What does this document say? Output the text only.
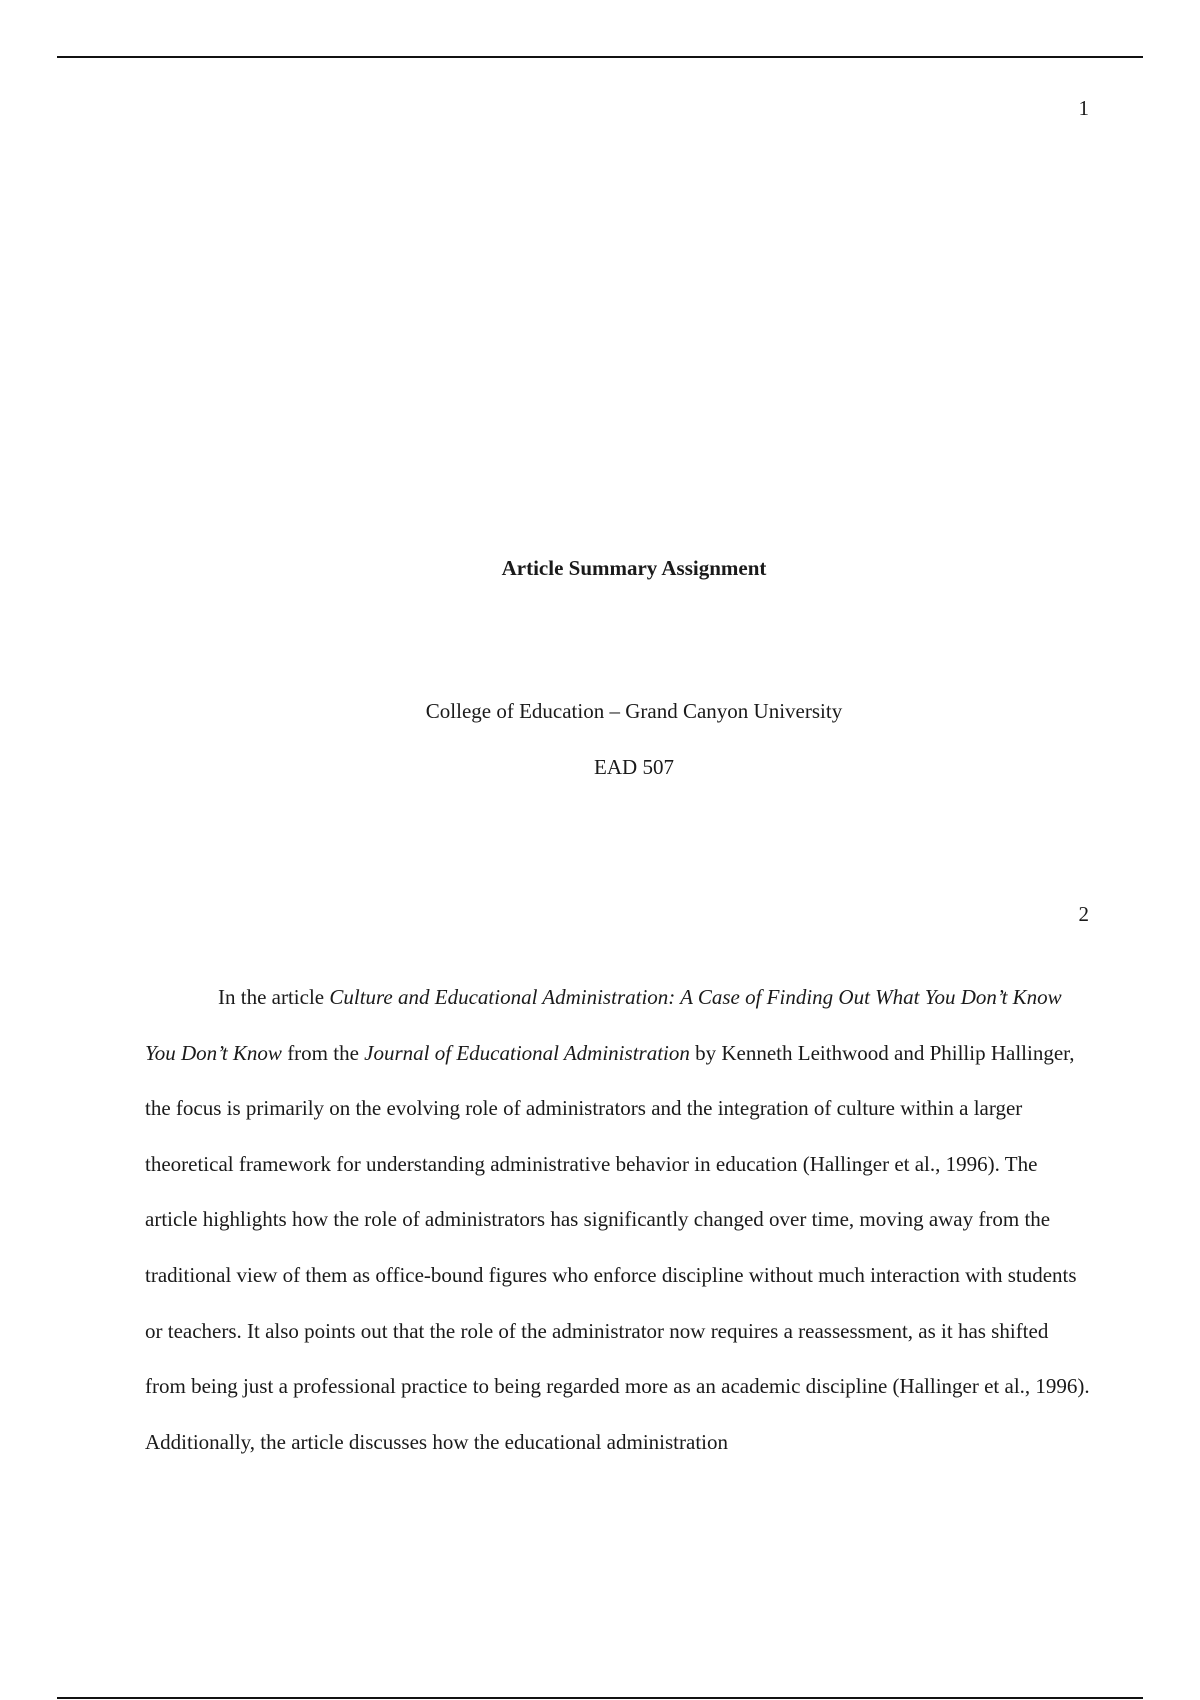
1
Article Summary Assignment
College of Education – Grand Canyon University
EAD 507
2

In the article Culture and Educational Administration: A Case of Finding Out What You Don’t Know You Don’t Know from the Journal of Educational Administration by Kenneth Leithwood and Phillip Hallinger, the focus is primarily on the evolving role of administrators and the integration of culture within a larger theoretical framework for understanding administrative behavior in education (Hallinger et al., 1996). The article highlights how the role of administrators has significantly changed over time, moving away from the traditional view of them as office-bound figures who enforce discipline without much interaction with students or teachers. It also points out that the role of the administrator now requires a reassessment, as it has shifted from being just a professional practice to being regarded more as an academic discipline (Hallinger et al., 1996). Additionally, the article discusses how the educational administration
